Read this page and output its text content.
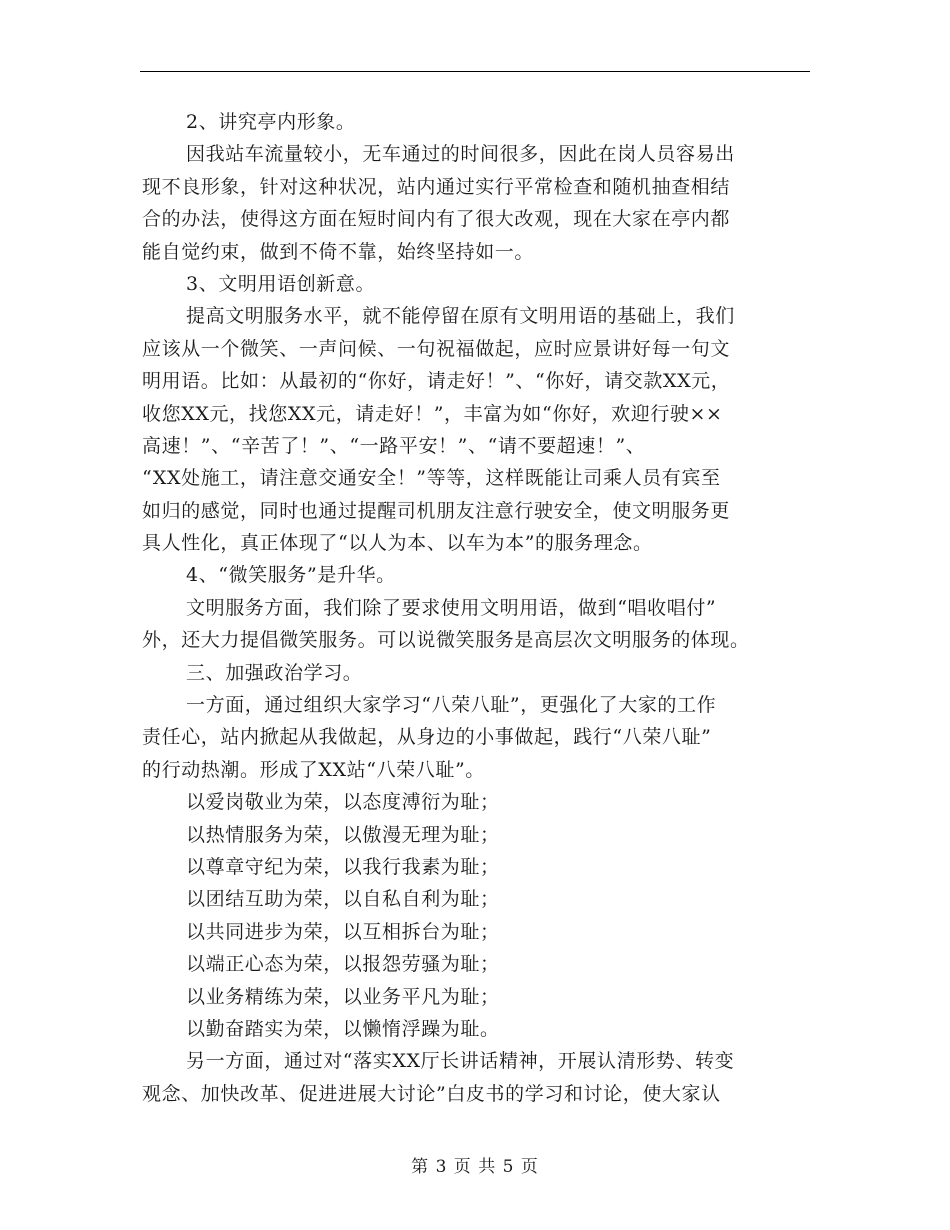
2、讲究亭内形象。
因我站车流量较小，无车通过的时间很多，因此在岗人员容易出
现不良形象，针对这种状况，站内通过实行平常检查和随机抽查相结
合的办法，使得这方面在短时间内有了很大改观，现在大家在亭内都
能自觉约束，做到不倚不靠，始终坚持如一。
3、文明用语创新意。
提高文明服务水平，就不能停留在原有文明用语的基础上，我们
应该从一个微笑、一声问候、一句祝福做起，应时应景讲好每一句文
明用语。比如：从最初的“你好，请走好！”、“你好，请交款XX元，
收您XX元，找您XX元，请走好！”，丰富为如“你好，欢迎行驶××
高速！”、“辛苦了！”、“一路平安！”、“请不要超速！”、
“XX处施工，请注意交通安全！”等等，这样既能让司乘人员有宾至
如归的感觉，同时也通过提醒司机朋友注意行驶安全，使文明服务更
具人性化，真正体现了“以人为本、以车为本”的服务理念。
4、“微笑服务”是升华。
文明服务方面，我们除了要求使用文明用语，做到“唱收唱付”
外，还大力提倡微笑服务。可以说微笑服务是高层次文明服务的体现。
三、加强政治学习。
一方面，通过组织大家学习“八荣八耻”，更强化了大家的工作
责任心，站内掀起从我做起，从身边的小事做起，践行“八荣八耻”
的行动热潮。形成了XX站“八荣八耻”。
以爱岗敬业为荣，以态度溥衍为耻；
以热情服务为荣，以傲漫无理为耻；
以尊章守纪为荣，以我行我素为耻；
以团结互助为荣，以自私自利为耻；
以共同进步为荣，以互相拆台为耻；
以端正心态为荣，以报怨劳骚为耻；
以业务精练为荣，以业务平凡为耻；
以勤奋踏实为荣，以懒惰浮躁为耻。
另一方面，通过对“落实XX厅长讲话精神，开展认清形势、转变
观念、加快改革、促进进展大讨论”白皮书的学习和讨论，使大家认
第 3 页 共 5 页
